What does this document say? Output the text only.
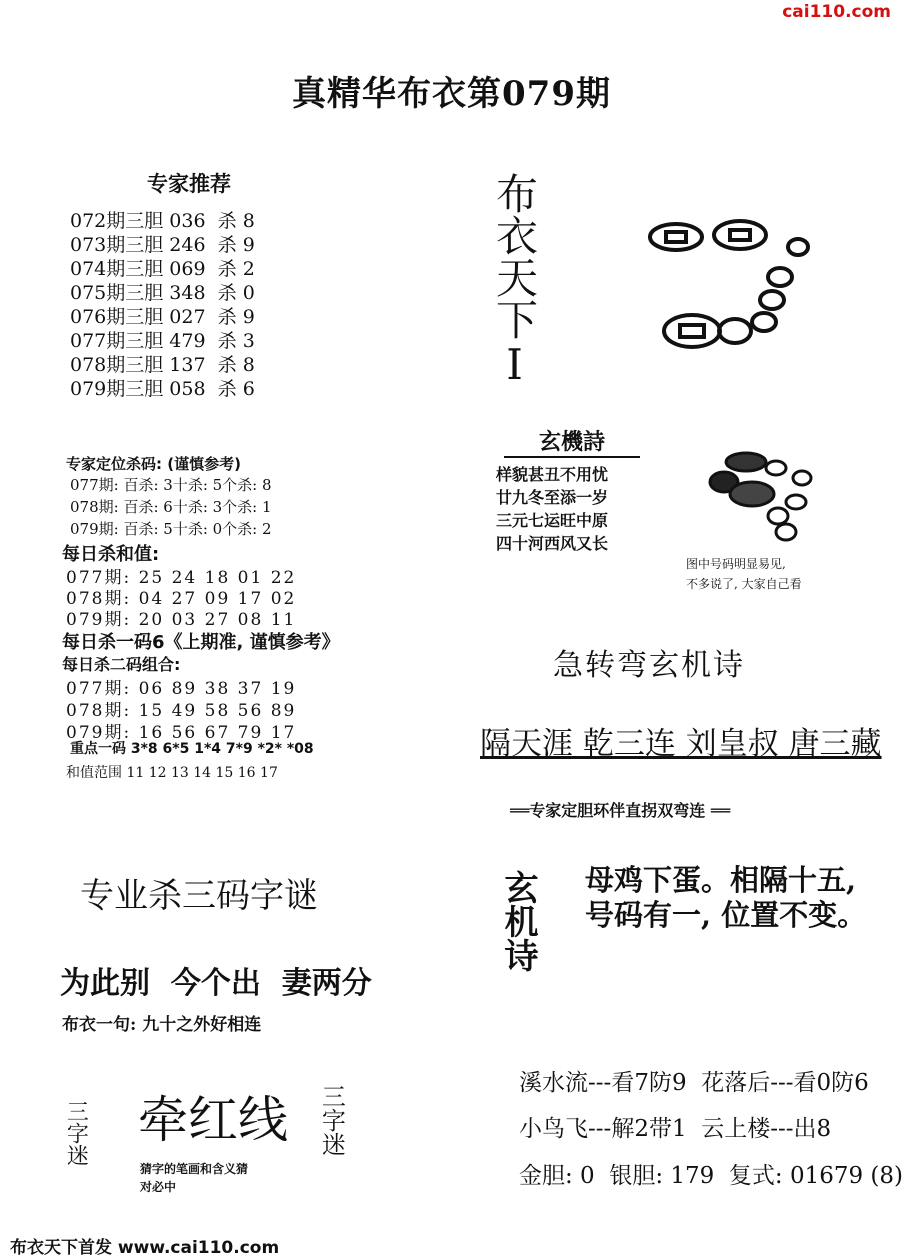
cai110.com
真精华布衣第079期
专家推荐
072期三胆 036  杀 8
073期三胆 246  杀 9
074期三胆 069  杀 2
075期三胆 348  杀 0
076期三胆 027  杀 9
077期三胆 479  杀 3
078期三胆 137  杀 8
079期三胆 058  杀 6
专家定位杀码: (谨慎参考)
077期: 百杀: 3十杀: 5个杀: 8
078期: 百杀: 6十杀: 3个杀: 1
079期: 百杀: 5十杀: 0个杀: 2
每日杀和值:
077期: 25 24 18 01 22
078期: 04 27 09 17 02
079期: 20 03 27 08 11
每日杀一码6《上期准, 谨慎参考》
每日杀二码组合:
077期: 06 89 38 37 19
078期: 15 49 58 56 89
079期: 16 56 67 79 17
重点一码 3*8 6*5 1*4 7*9 *2* *08
和值范围 11 12 13 14 15 16 17
专业杀三码字谜
为此别  今个出  妻两分
布衣一句: 九十之外好相连
三字迷 牵红线 三字迷
猜字的笔画和含义猜
对必中
布衣天下首发 www.cai110.com
布衣天下I
玄機詩
样貌甚丑不用忧
廿九冬至添一岁
三元七运旺中原
四十河西风又长
图中号码明显易见,
不多说了, 大家自己看
急转弯玄机诗
隔天涯 乾三连 刘皇叔 唐三藏
══专家定胆环伴直拐双弯连 ══
玄机诗 母鸡下蛋。相隔十五,
号码有一, 位置不变。
溪水流---看7防9  花落后---看0防6
小鸟飞---解2带1  云上楼---出8
金胆: 0  银胆: 179  复式: 01679 (8)
